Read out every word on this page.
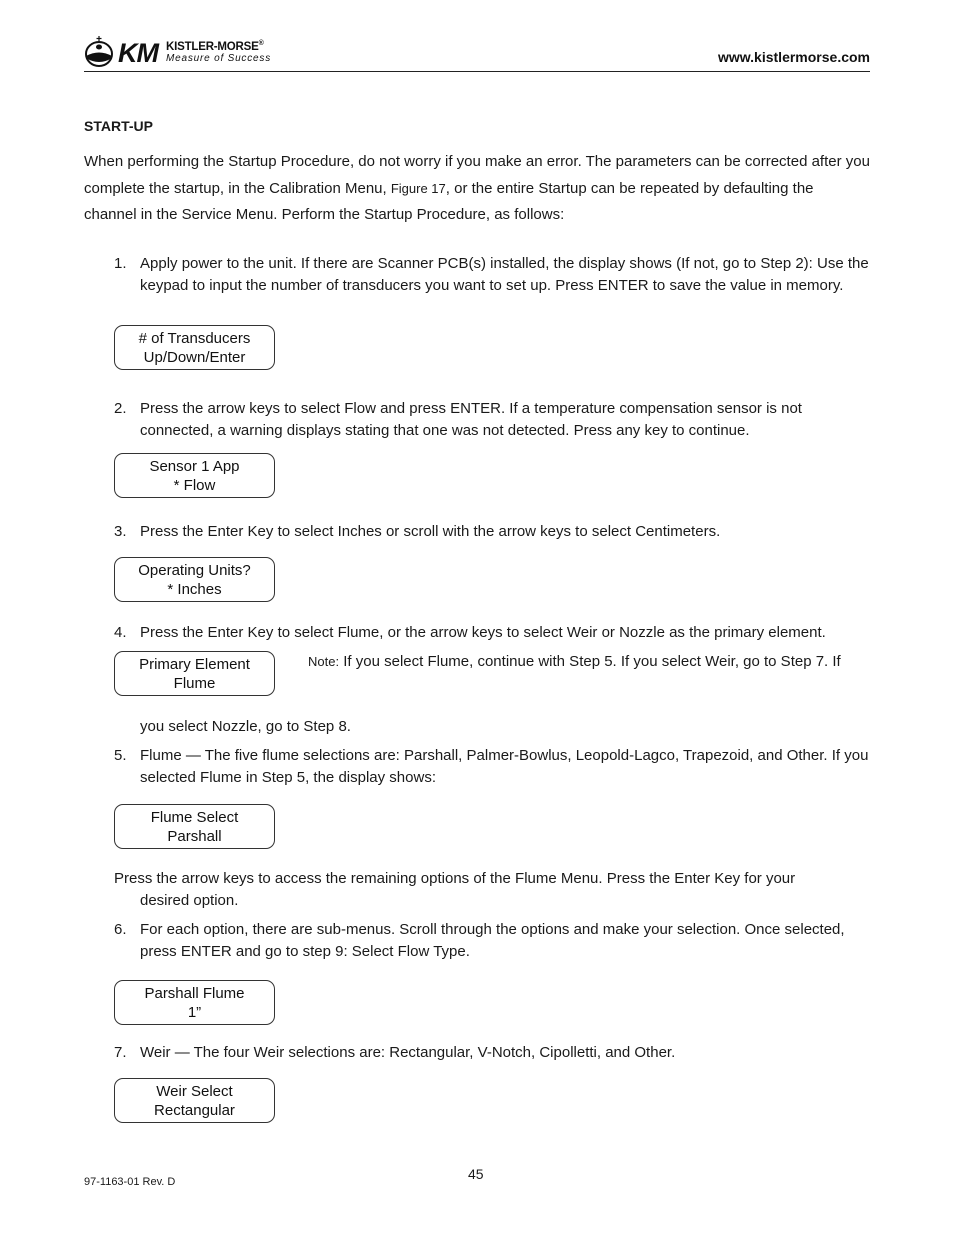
KM KISTLER-MORSE®
Measure of Success	www.kistlermorse.com
START-UP
When performing the Startup Procedure, do not worry if you make an error. The parameters can be corrected after you complete the startup, in the Calibration Menu, Figure 17, or the entire Startup can be repeated by defaulting the channel in the Service Menu. Perform the Startup Procedure, as follows:
1. Apply power to the unit. If there are Scanner PCB(s) installed, the display shows (If not, go to Step 2): Use the keypad to input the number of transducers you want to set up. Press ENTER to save the value in memory.
# of Transducers
Up/Down/Enter
2. Press the arrow keys to select Flow and press ENTER. If a temperature compensation sensor is not connected, a warning displays stating that one was not detected. Press any key to continue.
Sensor 1 App
* Flow
3. Press the Enter Key to select Inches or scroll with the arrow keys to select Centimeters.
Operating Units?
* Inches
4. Press the Enter Key to select Flume, or the arrow keys to select Weir or Nozzle as the primary element.
Primary Element
Flume
Note: If you select Flume, continue with Step 5. If you select Weir, go to Step 7. If
you select Nozzle, go to Step 8.
5. Flume — The five flume selections are: Parshall, Palmer-Bowlus, Leopold-Lagco, Trapezoid, and Other. If you selected Flume in Step 5, the display shows:
Flume Select
Parshall
Press the arrow keys to access the remaining options of the Flume Menu. Press the Enter Key for your
desired option.
6. For each option, there are sub-menus. Scroll through the options and make your selection. Once selected, press ENTER and go to step 9: Select Flow Type.
Parshall Flume
1”
7. Weir — The four Weir selections are: Rectangular, V-Notch, Cipolletti, and Other.
Weir Select
Rectangular
97-1163-01 Rev. D	45
